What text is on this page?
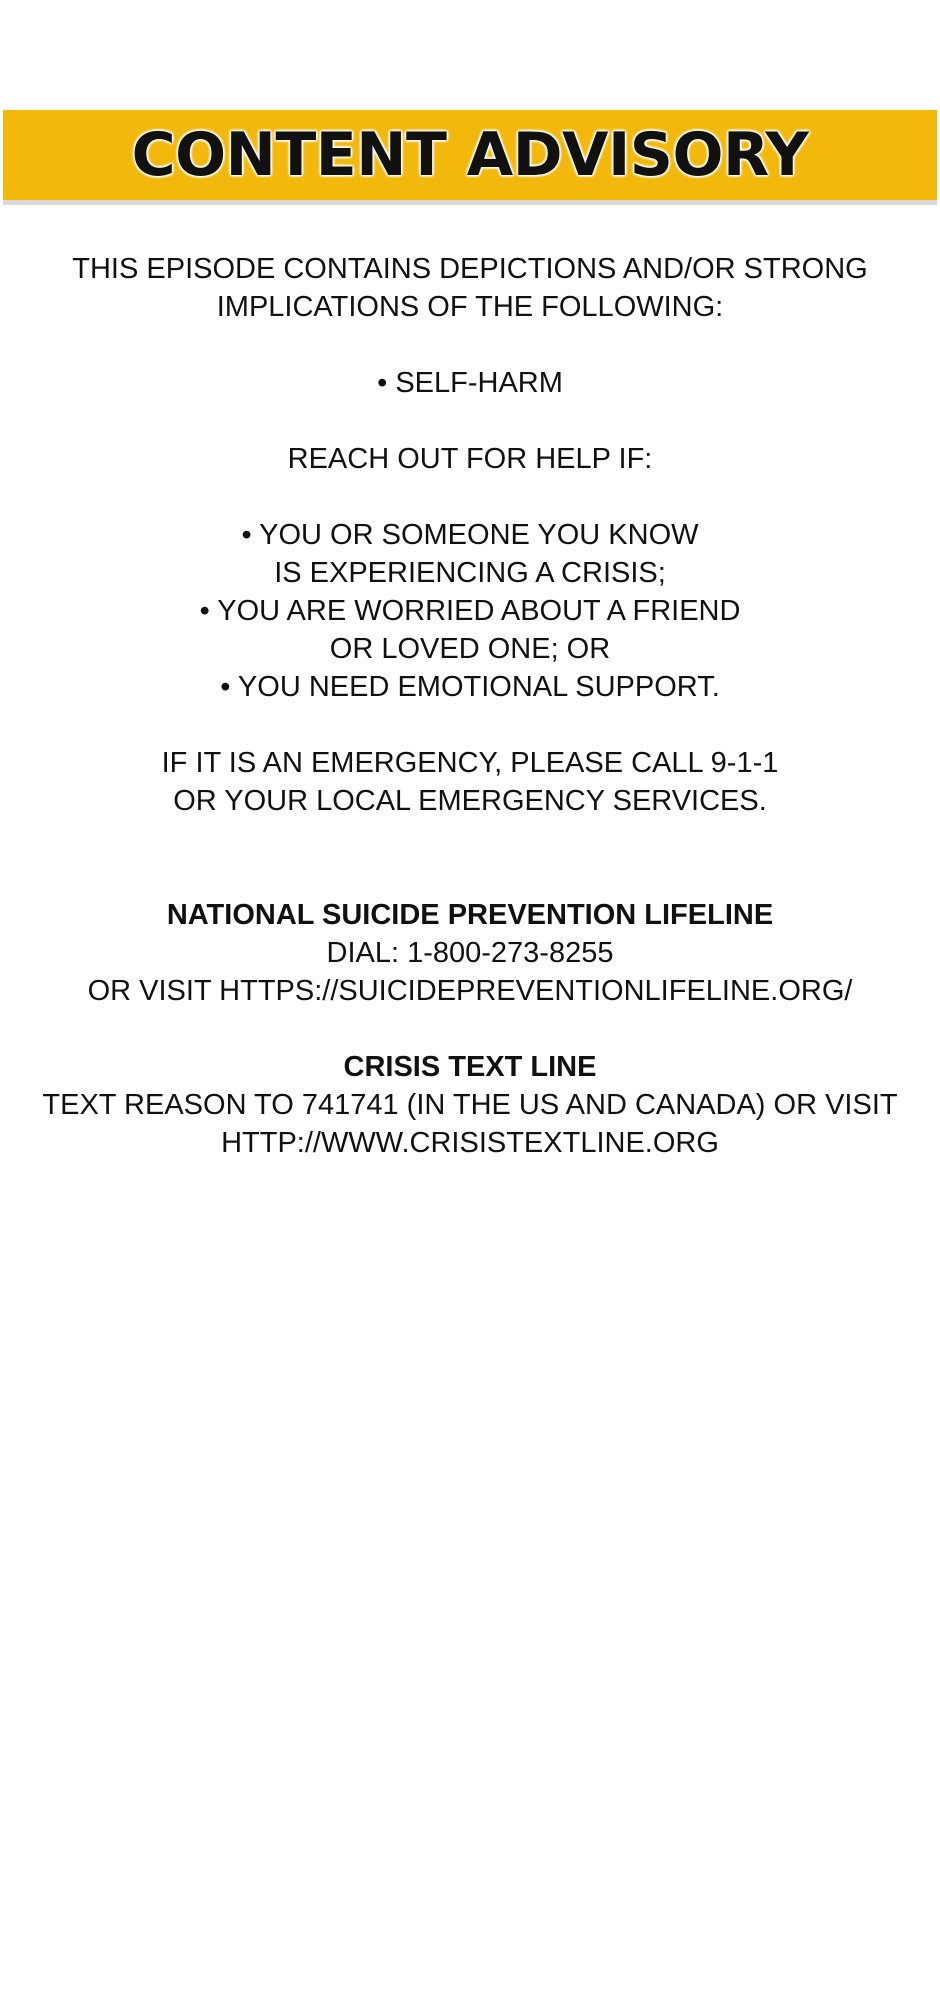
CONTENT ADVISORY
THIS EPISODE CONTAINS DEPICTIONS AND/OR STRONG
IMPLICATIONS OF THE FOLLOWING:
• SELF-HARM
REACH OUT FOR HELP IF:
• YOU OR SOMEONE YOU KNOW
IS EXPERIENCING A CRISIS;
• YOU ARE WORRIED ABOUT A FRIEND
OR LOVED ONE; OR
• YOU NEED EMOTIONAL SUPPORT.
IF IT IS AN EMERGENCY, PLEASE CALL 9-1-1
OR YOUR LOCAL EMERGENCY SERVICES.
NATIONAL SUICIDE PREVENTION LIFELINE
DIAL: 1-800-273-8255
OR VISIT HTTPS://SUICIDEPREVENTIONLIFELINE.ORG/
CRISIS TEXT LINE
TEXT REASON TO 741741 (IN THE US AND CANADA) OR VISIT
HTTP://WWW.CRISISTEXTLINE.ORG
